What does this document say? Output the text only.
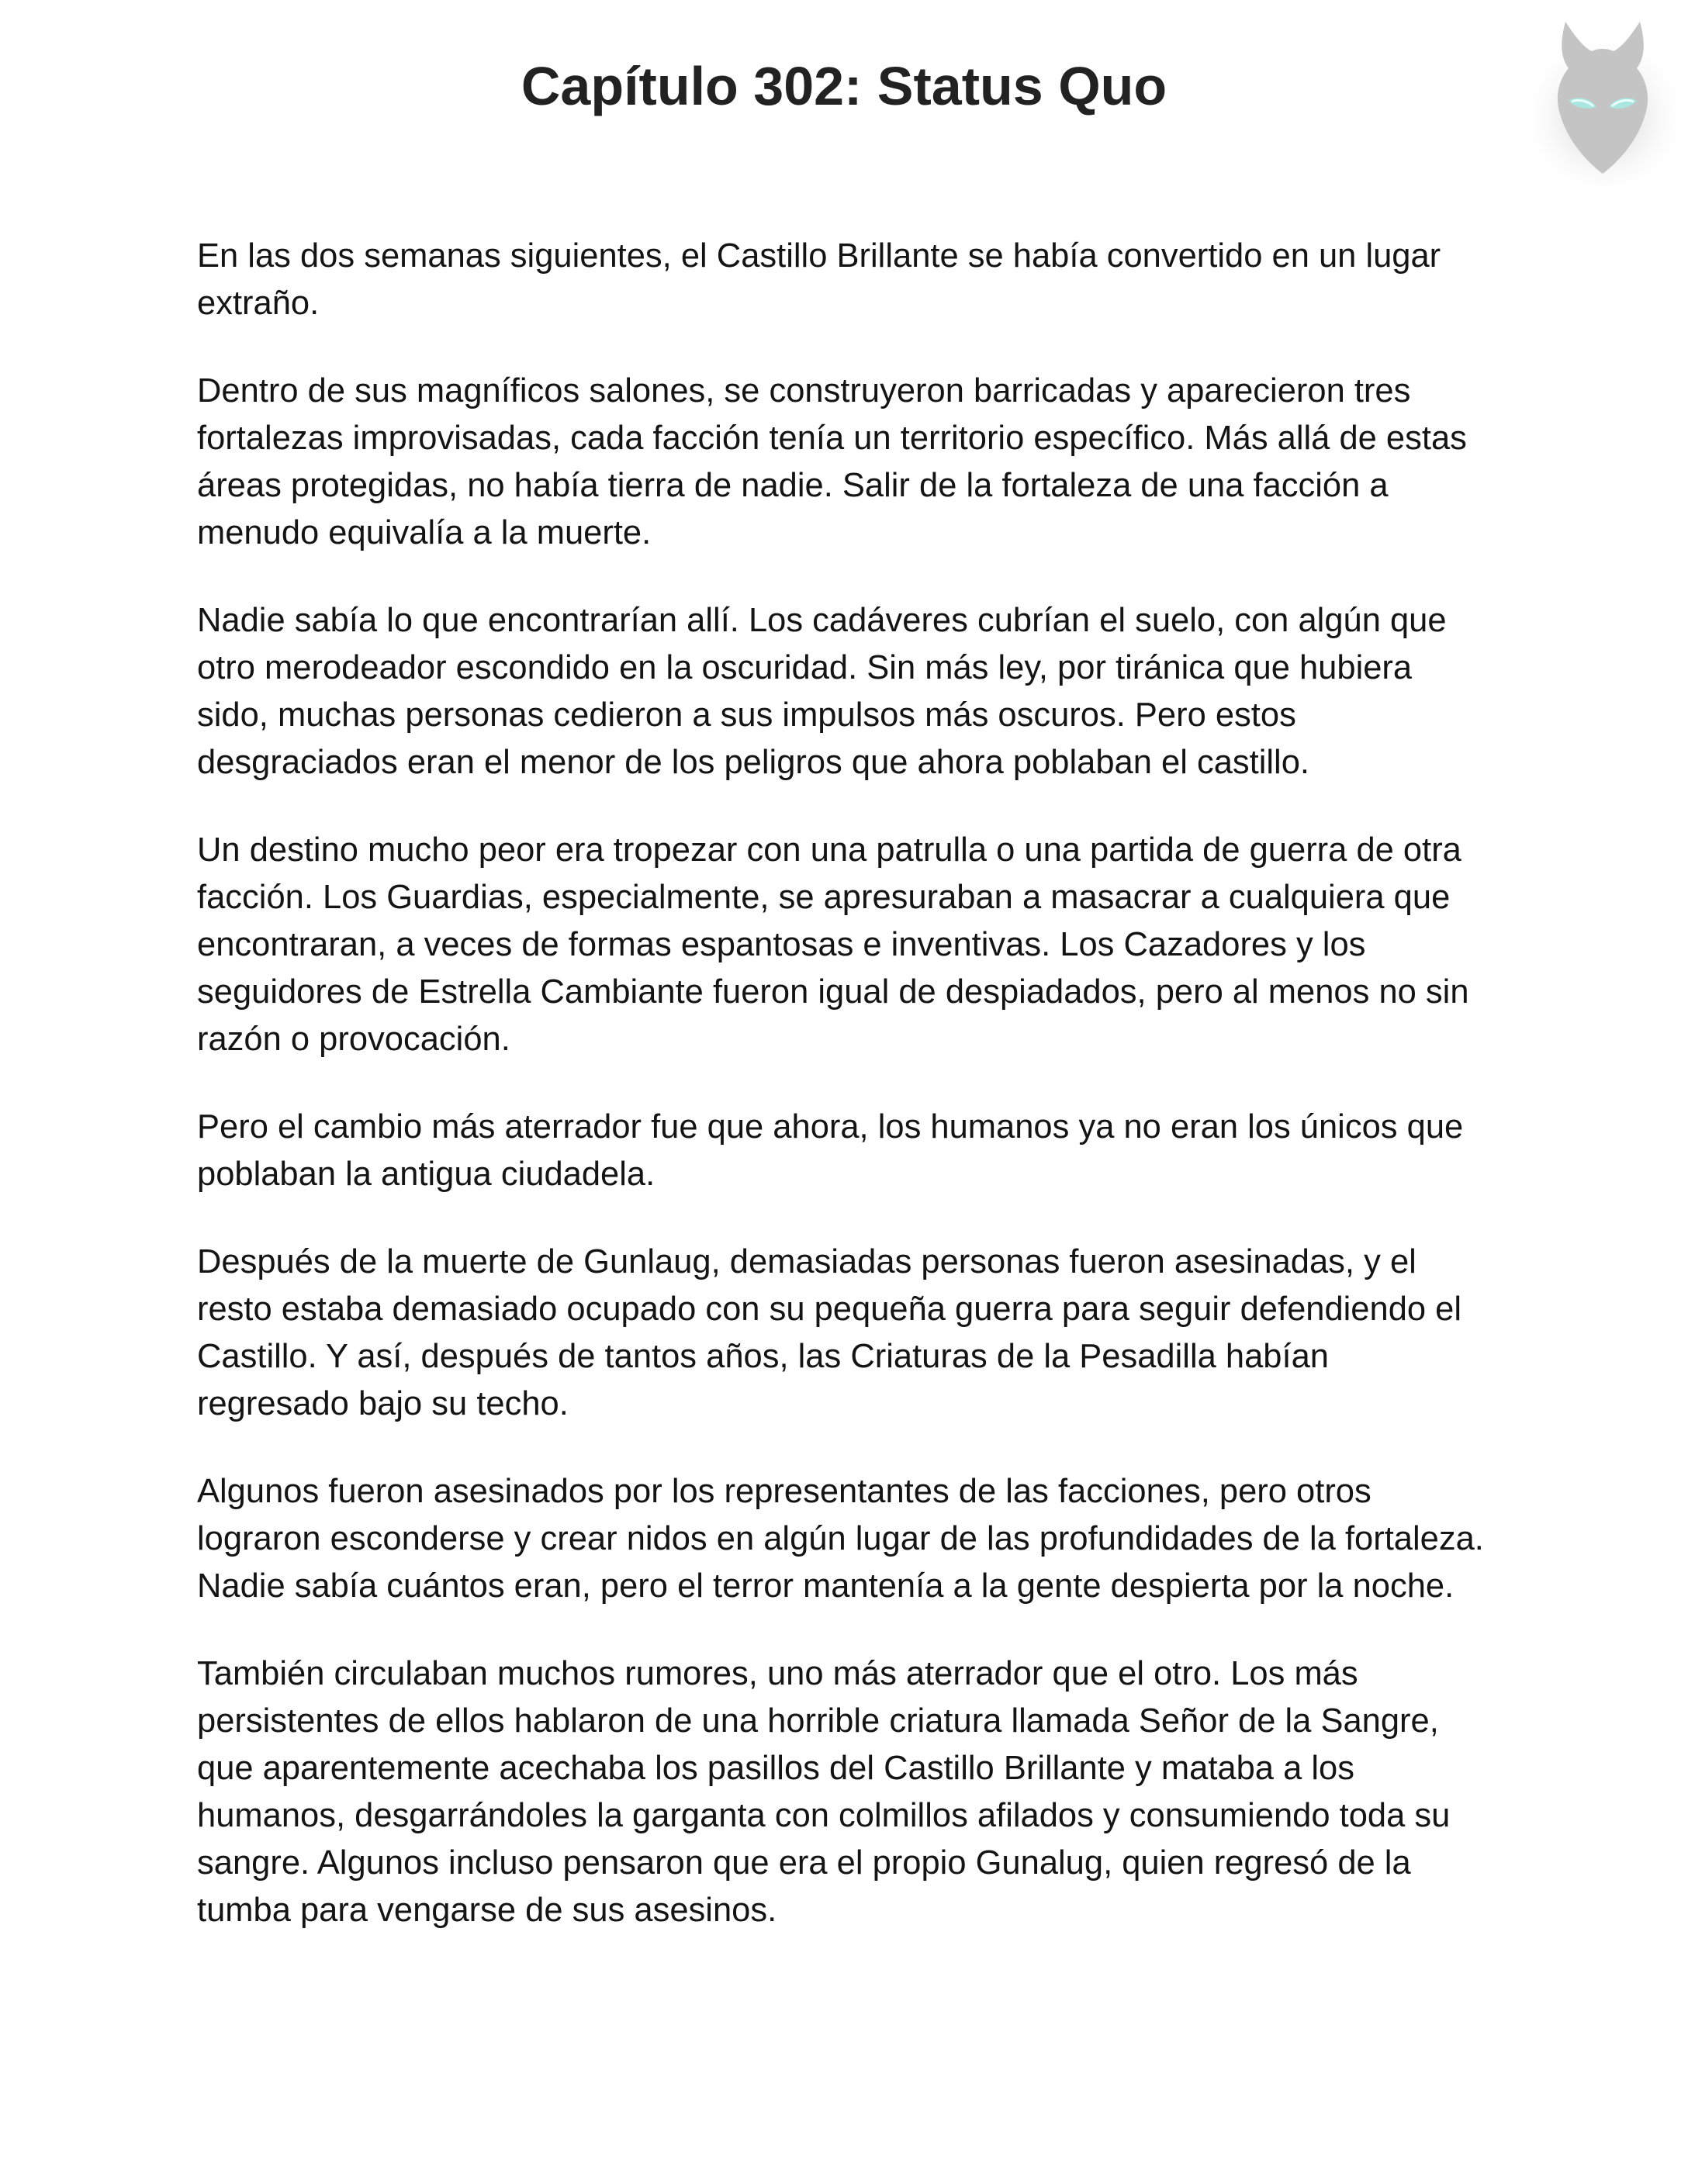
Capítulo 302: Status Quo

En las dos semanas siguientes, el Castillo Brillante se había convertido en un lugar extraño.

Dentro de sus magníficos salones, se construyeron barricadas y aparecieron tres fortalezas improvisadas, cada facción tenía un territorio específico. Más allá de estas áreas protegidas, no había tierra de nadie. Salir de la fortaleza de una facción a menudo equivalía a la muerte.

Nadie sabía lo que encontrarían allí. Los cadáveres cubrían el suelo, con algún que otro merodeador escondido en la oscuridad. Sin más ley, por tiránica que hubiera sido, muchas personas cedieron a sus impulsos más oscuros. Pero estos desgraciados eran el menor de los peligros que ahora poblaban el castillo.

Un destino mucho peor era tropezar con una patrulla o una partida de guerra de otra facción. Los Guardias, especialmente, se apresuraban a masacrar a cualquiera que encontraran, a veces de formas espantosas e inventivas. Los Cazadores y los seguidores de Estrella Cambiante fueron igual de despiadados, pero al menos no sin razón o provocación.

Pero el cambio más aterrador fue que ahora, los humanos ya no eran los únicos que poblaban la antigua ciudadela.

Después de la muerte de Gunlaug, demasiadas personas fueron asesinadas, y el resto estaba demasiado ocupado con su pequeña guerra para seguir defendiendo el Castillo. Y así, después de tantos años, las Criaturas de la Pesadilla habían regresado bajo su techo.

Algunos fueron asesinados por los representantes de las facciones, pero otros lograron esconderse y crear nidos en algún lugar de las profundidades de la fortaleza. Nadie sabía cuántos eran, pero el terror mantenía a la gente despierta por la noche.

También circulaban muchos rumores, uno más aterrador que el otro. Los más persistentes de ellos hablaron de una horrible criatura llamada Señor de la Sangre, que aparentemente acechaba los pasillos del Castillo Brillante y mataba a los humanos, desgarrándoles la garganta con colmillos afilados y consumiendo toda su sangre. Algunos incluso pensaron que era el propio Gunalug, quien regresó de la tumba para vengarse de sus asesinos.
